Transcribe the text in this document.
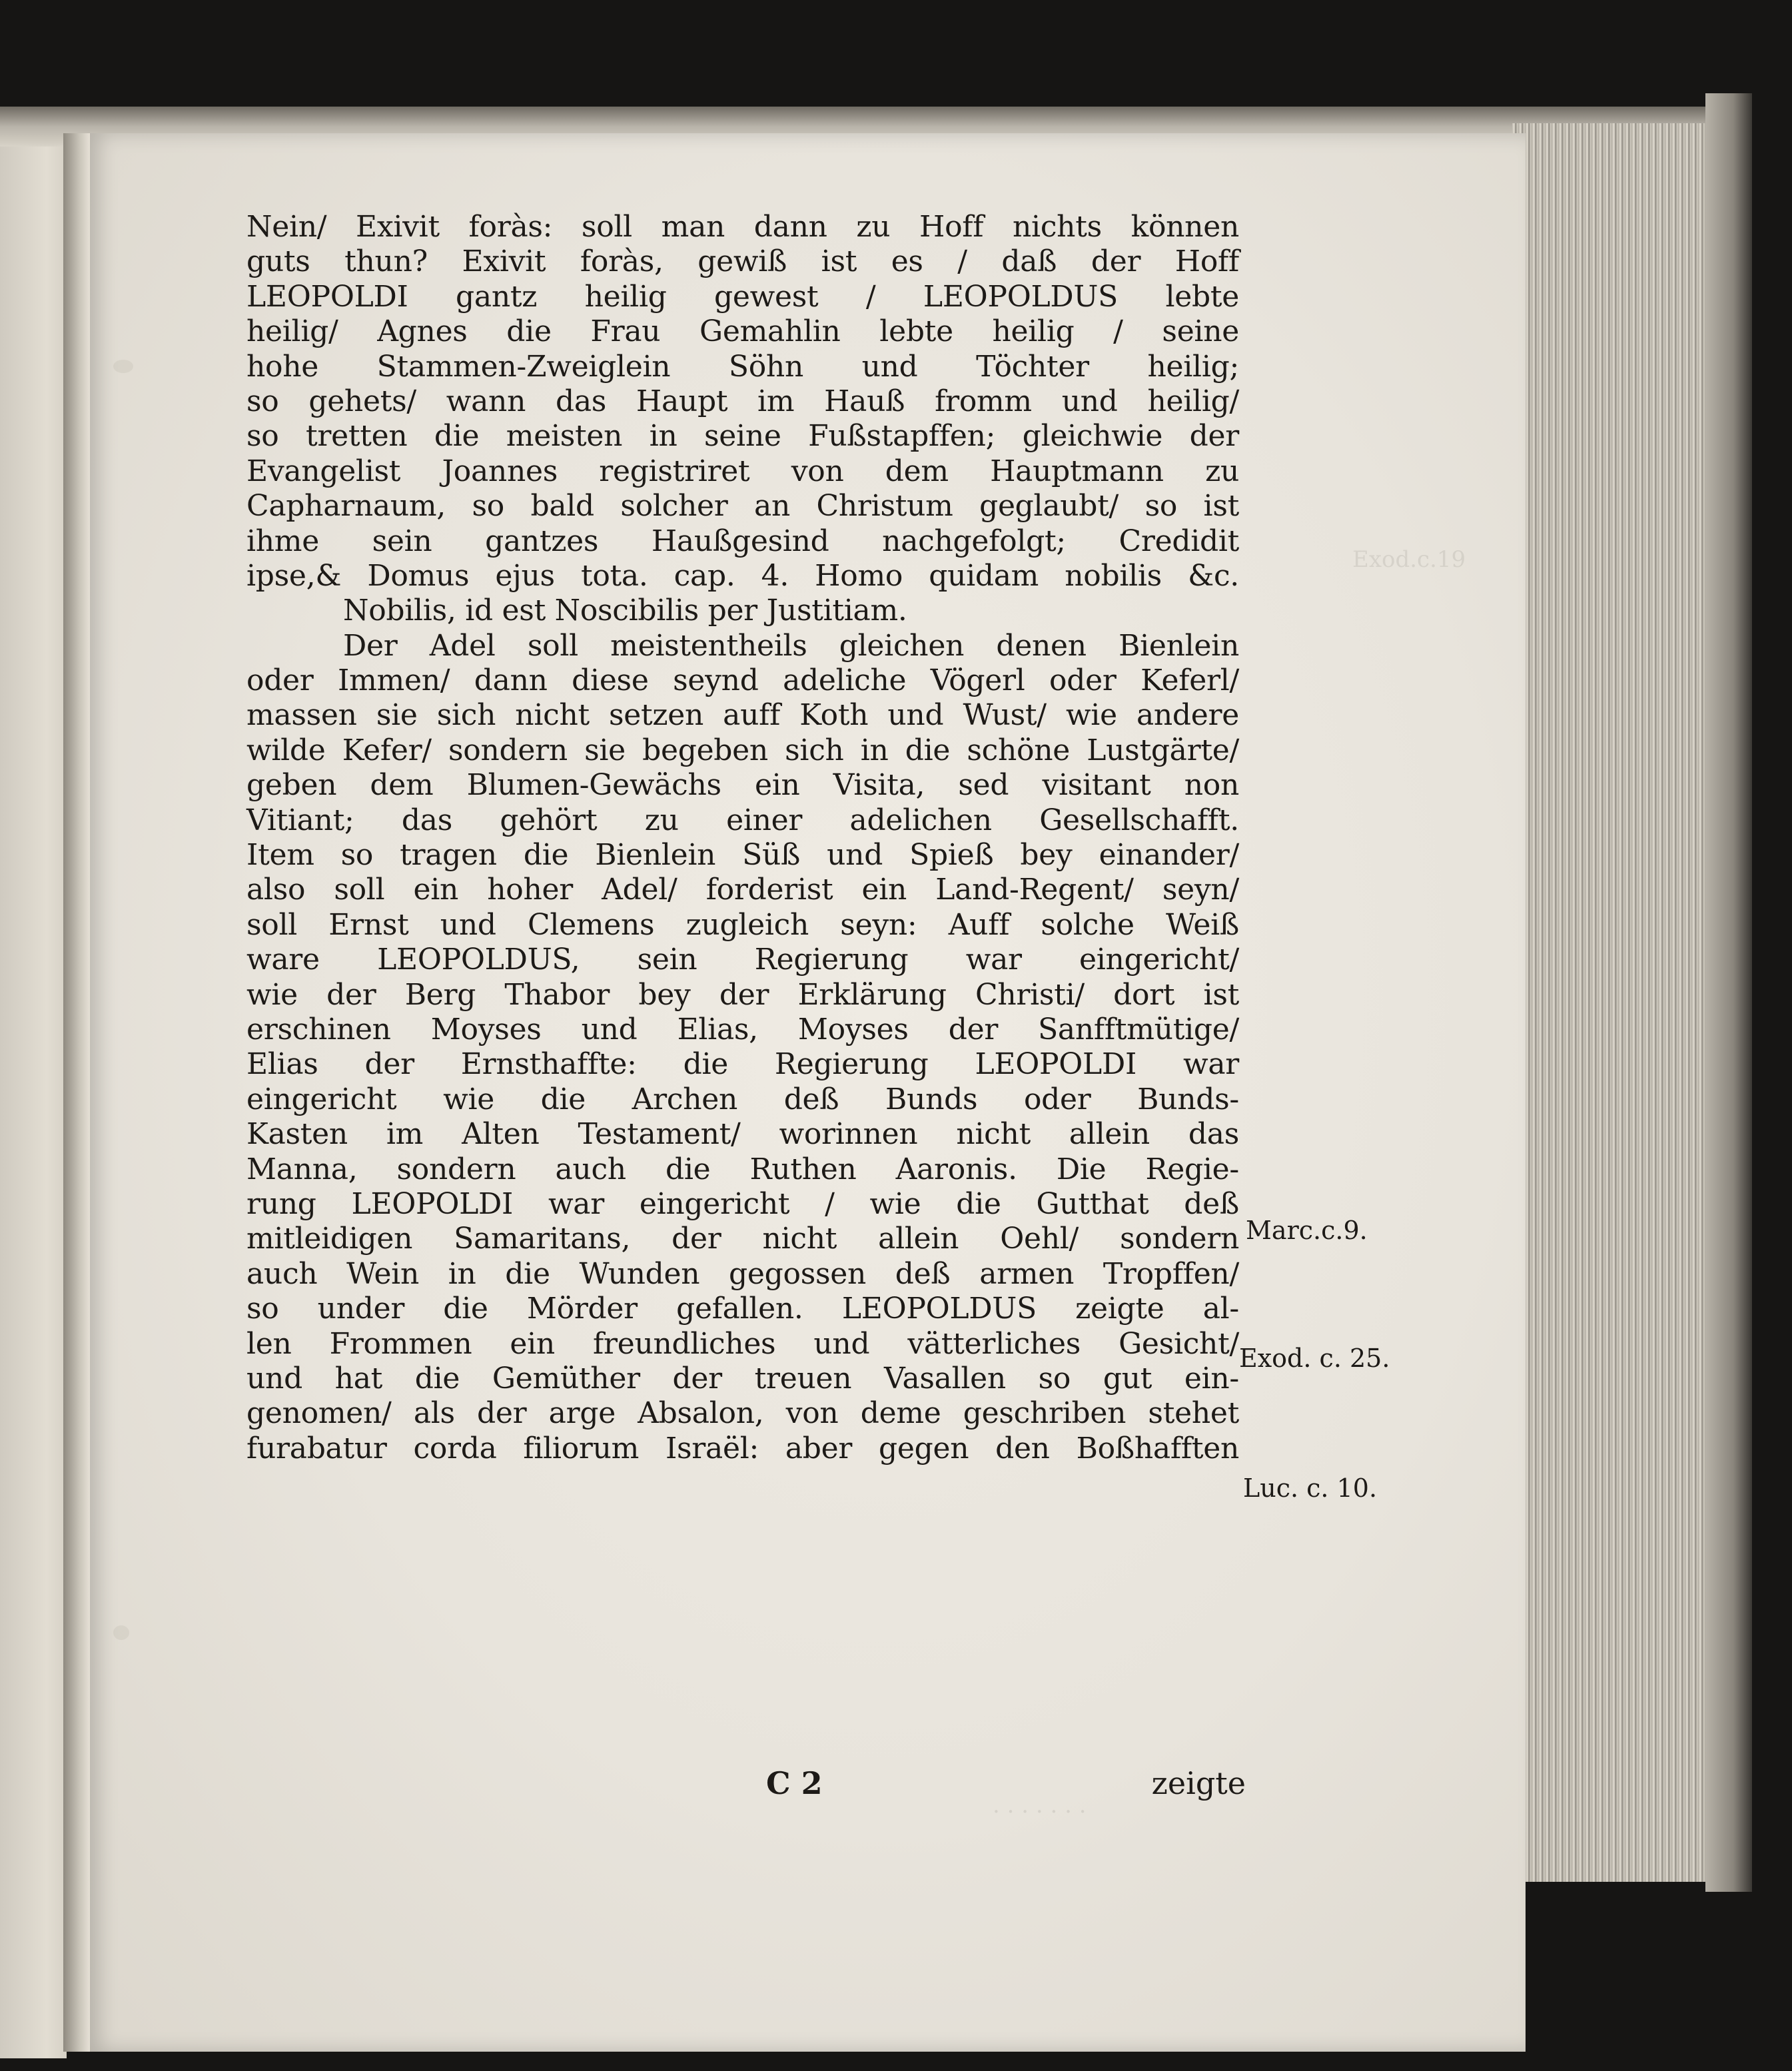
Exod.c.19
. . . . . . .
Nein/ Exivit foràs: soll man dann zu Hoff nichts können
guts thun? Exivit foràs, gewiß ist es / daß der Hoff
LEOPOLDI gantz heilig gewest / LEOPOLDUS lebte
heilig/ Agnes die Frau Gemahlin lebte heilig / seine
hohe Stammen-Zweiglein Söhn und Töchter heilig;
so gehets/ wann das Haupt im Hauß fromm und heilig/
so tretten die meisten in seine Fußstapffen; gleichwie der
Evangelist Joannes registriret von dem Hauptmann zu
Capharnaum, so bald solcher an Christum geglaubt/ so ist
ihme sein gantzes Haußgesind nachgefolgt; Credidit
ipse,& Domus ejus tota. cap. 4. Homo quidam nobilis &c.
Nobilis, id est Noscibilis per Justitiam.
Der Adel soll meistentheils gleichen denen Bienlein
oder Immen/ dann diese seynd adeliche Vögerl oder Keferl/
massen sie sich nicht setzen auff Koth und Wust/ wie andere
wilde Kefer/ sondern sie begeben sich in die schöne Lustgärte/
geben dem Blumen-Gewächs ein Visita, sed visitant non
Vitiant; das gehört zu einer adelichen Gesellschafft.
Item so tragen die Bienlein Süß und Spieß bey einander/
also soll ein hoher Adel/ forderist ein Land-Regent/ seyn/
soll Ernst und Clemens zugleich seyn: Auff solche Weiß
ware LEOPOLDUS, sein Regierung war eingericht/
wie der Berg Thabor bey der Erklärung Christi/ dort ist
erschinen Moyses und Elias, Moyses der Sanfftmütige/
Elias der Ernsthaffte: die Regierung LEOPOLDI war
eingericht wie die Archen deß Bunds oder Bunds-
Kasten im Alten Testament/ worinnen nicht allein das
Manna, sondern auch die Ruthen Aaronis. Die Regie-
rung LEOPOLDI war eingericht / wie die Gutthat deß
mitleidigen Samaritans, der nicht allein Oehl/ sondern
auch Wein in die Wunden gegossen deß armen Tropffen/
so under die Mörder gefallen. LEOPOLDUS zeigte al-
len Frommen ein freundliches und vätterliches Gesicht/
und hat die Gemüther der treuen Vasallen so gut ein-
genomen/ als der arge Absalon, von deme geschriben stehet
furabatur corda filiorum Israël: aber gegen den Boßhafften
Marc.c.9.
Exod. c. 25.
Luc. c. 10.
C 2	zeigte
